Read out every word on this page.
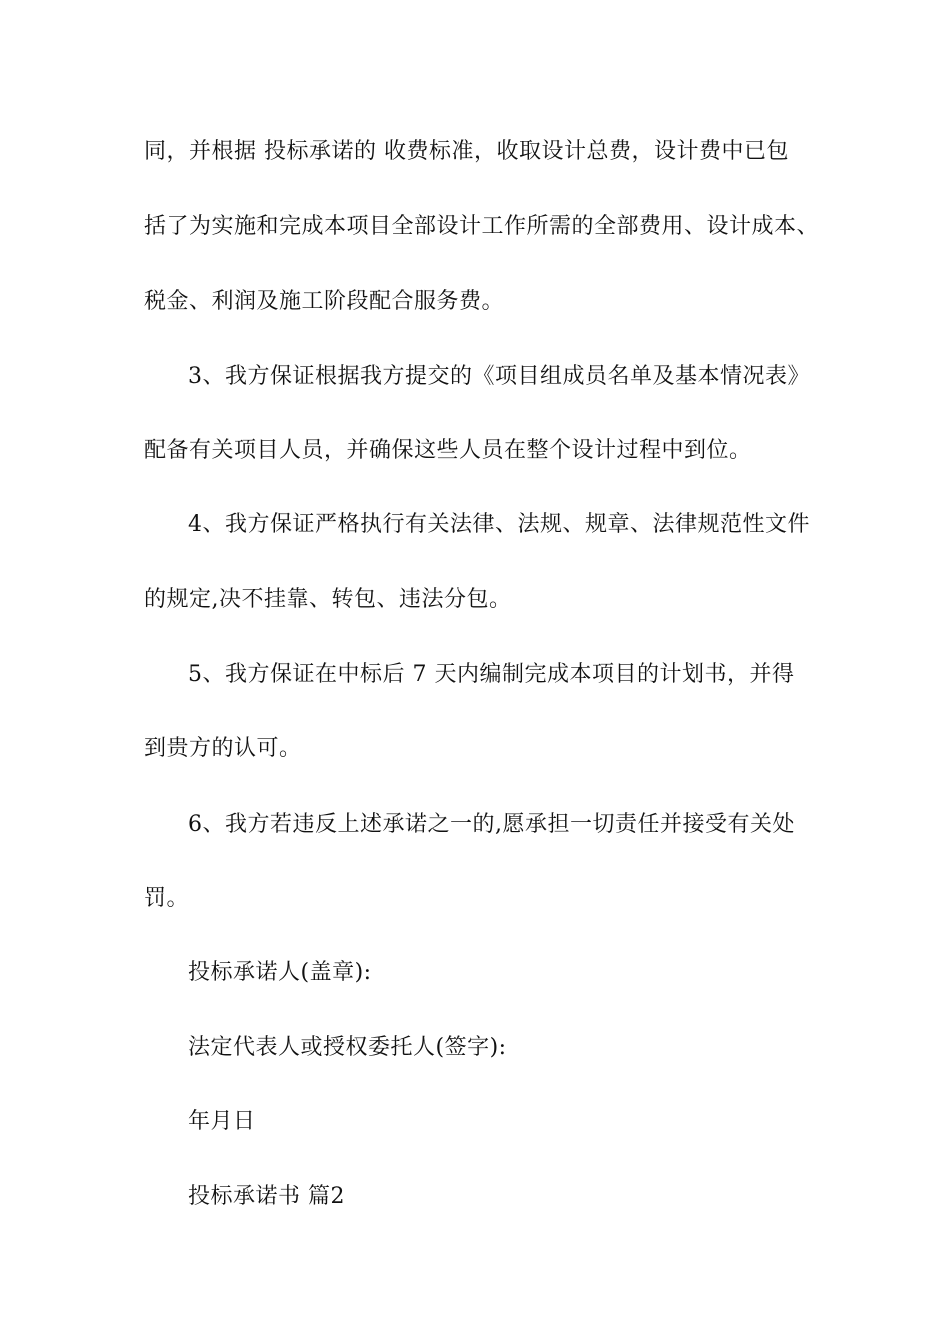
同，并根据 投标承诺的 收费标准，收取设计总费，设计费中已包
括了为实施和完成本项目全部设计工作所需的全部费用、设计成本、
税金、利润及施工阶段配合服务费。
3、我方保证根据我方提交的《项目组成员名单及基本情况表》
配备有关项目人员，并确保这些人员在整个设计过程中到位。
4、我方保证严格执行有关法律、法规、规章、法律规范性文件
的规定,决不挂靠、转包、违法分包。
5、我方保证在中标后 7 天内编制完成本项目的计划书，并得
到贵方的认可。
6、我方若违反上述承诺之一的,愿承担一切责任并接受有关处
罚。
投标承诺人(盖章):
法定代表人或授权委托人(签字):
年月日
投标承诺书 篇2
